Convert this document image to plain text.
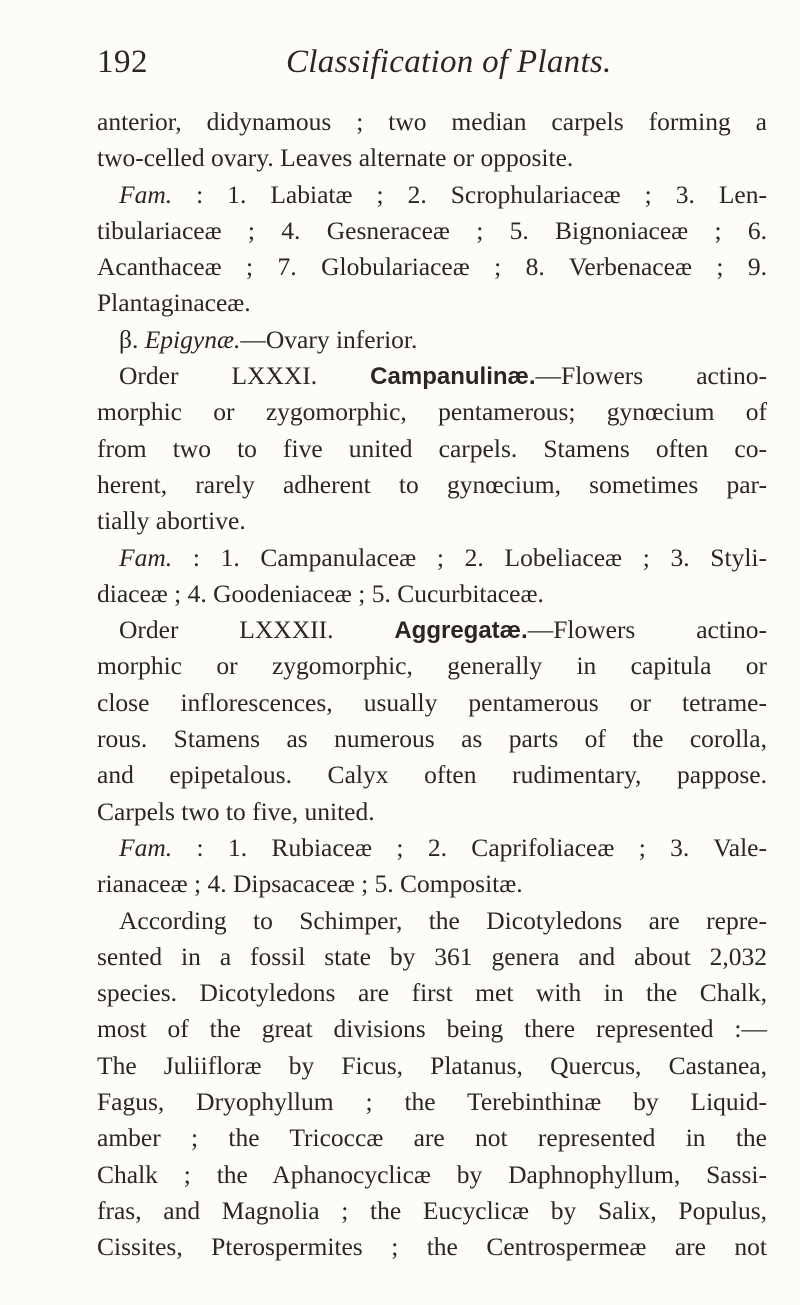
192	Classification of Plants.
anterior, didynamous ; two median carpels forming a
two-celled ovary. Leaves alternate or opposite.
Fam. : 1. Labiatæ ; 2. Scrophulariaceæ ; 3. Len-
tibulariaceæ ; 4. Gesneraceæ ; 5. Bignoniaceæ ; 6.
Acanthaceæ ; 7. Globulariaceæ ; 8. Verbenaceæ ; 9.
Plantaginaceæ.
β. Epigynæ.—Ovary inferior.
Order LXXXI. Campanulinæ.—Flowers actino-
morphic or zygomorphic, pentamerous; gynœcium of
from two to five united carpels. Stamens often co-
herent, rarely adherent to gynœcium, sometimes par-
tially abortive.
Fam. : 1. Campanulaceæ ; 2. Lobeliaceæ ; 3. Styli-
diaceæ ; 4. Goodeniaceæ ; 5. Cucurbitaceæ.
Order LXXXII. Aggregatæ.—Flowers actino-
morphic or zygomorphic, generally in capitula or
close inflorescences, usually pentamerous or tetrame-
rous. Stamens as numerous as parts of the corolla,
and epipetalous. Calyx often rudimentary, pappose.
Carpels two to five, united.
Fam. : 1. Rubiaceæ ; 2. Caprifoliaceæ ; 3. Vale-
rianaceæ ; 4. Dipsacaceæ ; 5. Compositæ.
According to Schimper, the Dicotyledons are repre-
sented in a fossil state by 361 genera and about 2,032
species. Dicotyledons are first met with in the Chalk,
most of the great divisions being there represented :—
The Juliifloræ by Ficus, Platanus, Quercus, Castanea,
Fagus, Dryophyllum ; the Terebinthinæ by Liquid-
amber ; the Tricoccæ are not represented in the
Chalk ; the Aphanocyclicæ by Daphnophyllum, Sassi-
fras, and Magnolia ; the Eucyclicæ by Salix, Populus,
Cissites, Pterospermites ; the Centrospermeæ are not
